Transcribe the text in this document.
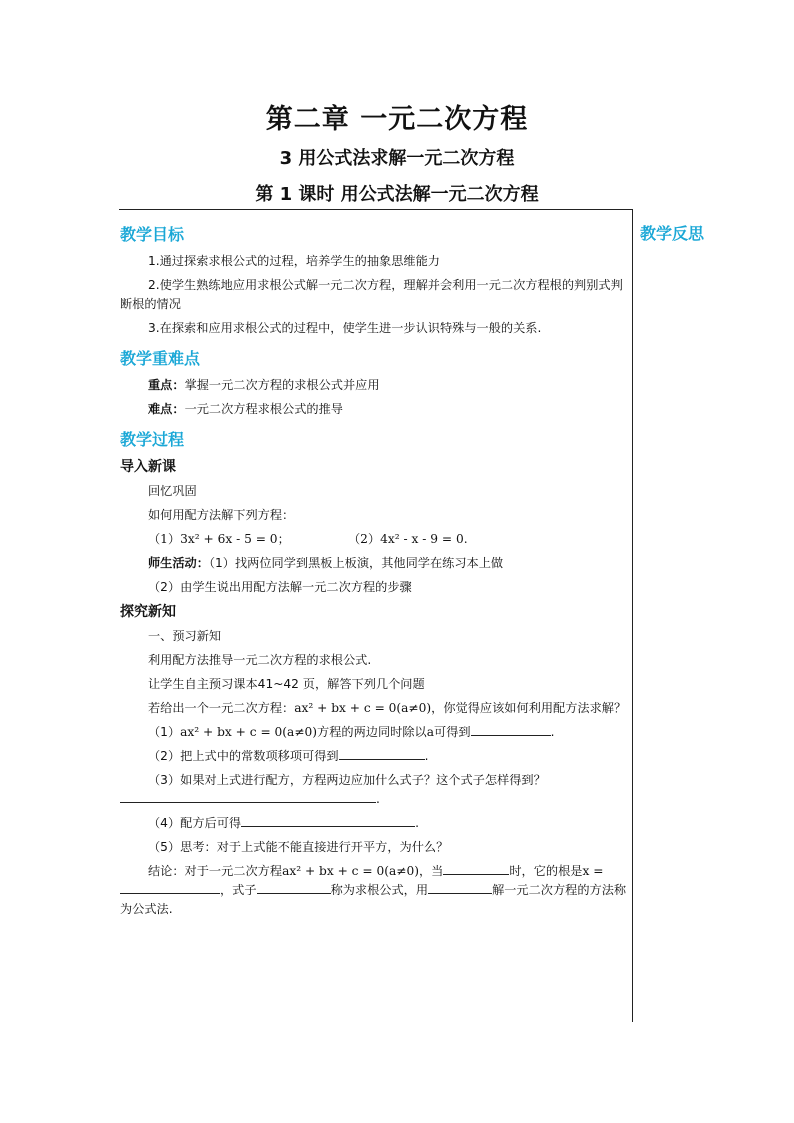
第二章 一元二次方程
3 用公式法求解一元二次方程
第 1 课时 用公式法解一元二次方程
教学反思
教学目标
1.通过探索求根公式的过程，培养学生的抽象思维能力
2.使学生熟练地应用求根公式解一元二次方程，理解并会利用一元二次方程根的判别式判断根的情况
3.在探索和应用求根公式的过程中，使学生进一步认识特殊与一般的关系.
教学重难点
重点：掌握一元二次方程的求根公式并应用
难点：一元二次方程求根公式的推导
教学过程
导入新课
回忆巩固
如何用配方法解下列方程：
（1）3x² + 6x - 5 = 0；	（2）4x² - x - 9 = 0.
师生活动：（1）找两位同学到黑板上板演，其他同学在练习本上做
（2）由学生说出用配方法解一元二次方程的步骤
探究新知
一、预习新知
利用配方法推导一元二次方程的求根公式.
让学生自主预习课本41~42 页，解答下列几个问题
若给出一个一元二次方程：ax² + bx + c = 0(a≠0)，你觉得应该如何利用配方法求解？
（1）ax² + bx + c = 0(a≠0)方程的两边同时除以a可得到	.
（2）把上式中的常数项移项可得到	.
（3）如果对上式进行配方，方程两边应加什么式子？这个式子怎样得到？.
（4）配方后可得	.
（5）思考：对于上式能不能直接进行开平方，为什么？
结论：对于一元二次方程ax² + bx + c = 0(a≠0)，当	时，它的根是x =，式子	称为求根公式，用	解一元二次方程的方法称为公式法.
